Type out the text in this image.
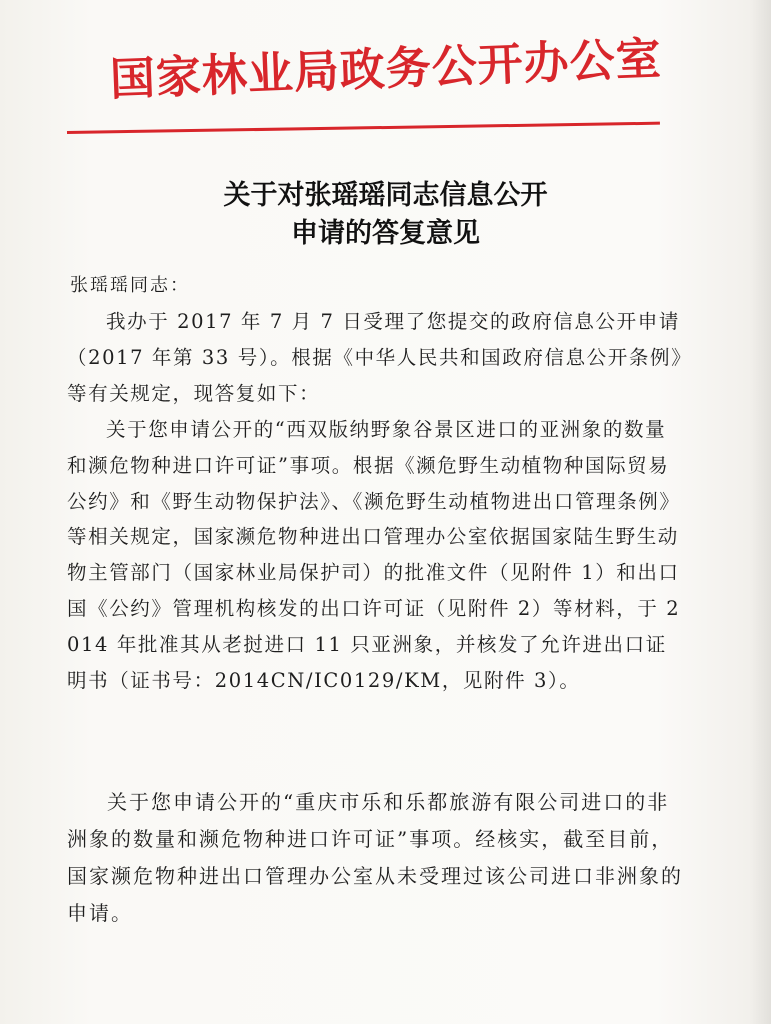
国家林业局政务公开办公室
关于对张瑶瑶同志信息公开
申请的答复意见
张瑶瑶同志：
我办于 2017 年 7 月 7 日受理了您提交的政府信息公开申请（2017 年第 33 号）。根据《中华人民共和国政府信息公开条例》等有关规定，现答复如下：
关于您申请公开的“西双版纳野象谷景区进口的亚洲象的数量和濒危物种进口许可证”事项。根据《濒危野生动植物种国际贸易公约》和《野生动物保护法》、《濒危野生动植物进出口管理条例》等相关规定，国家濒危物种进出口管理办公室依据国家陆生野生动物主管部门（国家林业局保护司）的批准文件（见附件 1）和出口国《公约》管理机构核发的出口许可证（见附件 2）等材料，于 2014 年批准其从老挝进口 11 只亚洲象，并核发了允许进出口证明书（证书号：2014CN/IC0129/KM，见附件 3）。
关于您申请公开的“重庆市乐和乐都旅游有限公司进口的非洲象的数量和濒危物种进口许可证”事项。经核实，截至目前，国家濒危物种进出口管理办公室从未受理过该公司进口非洲象的申请。
